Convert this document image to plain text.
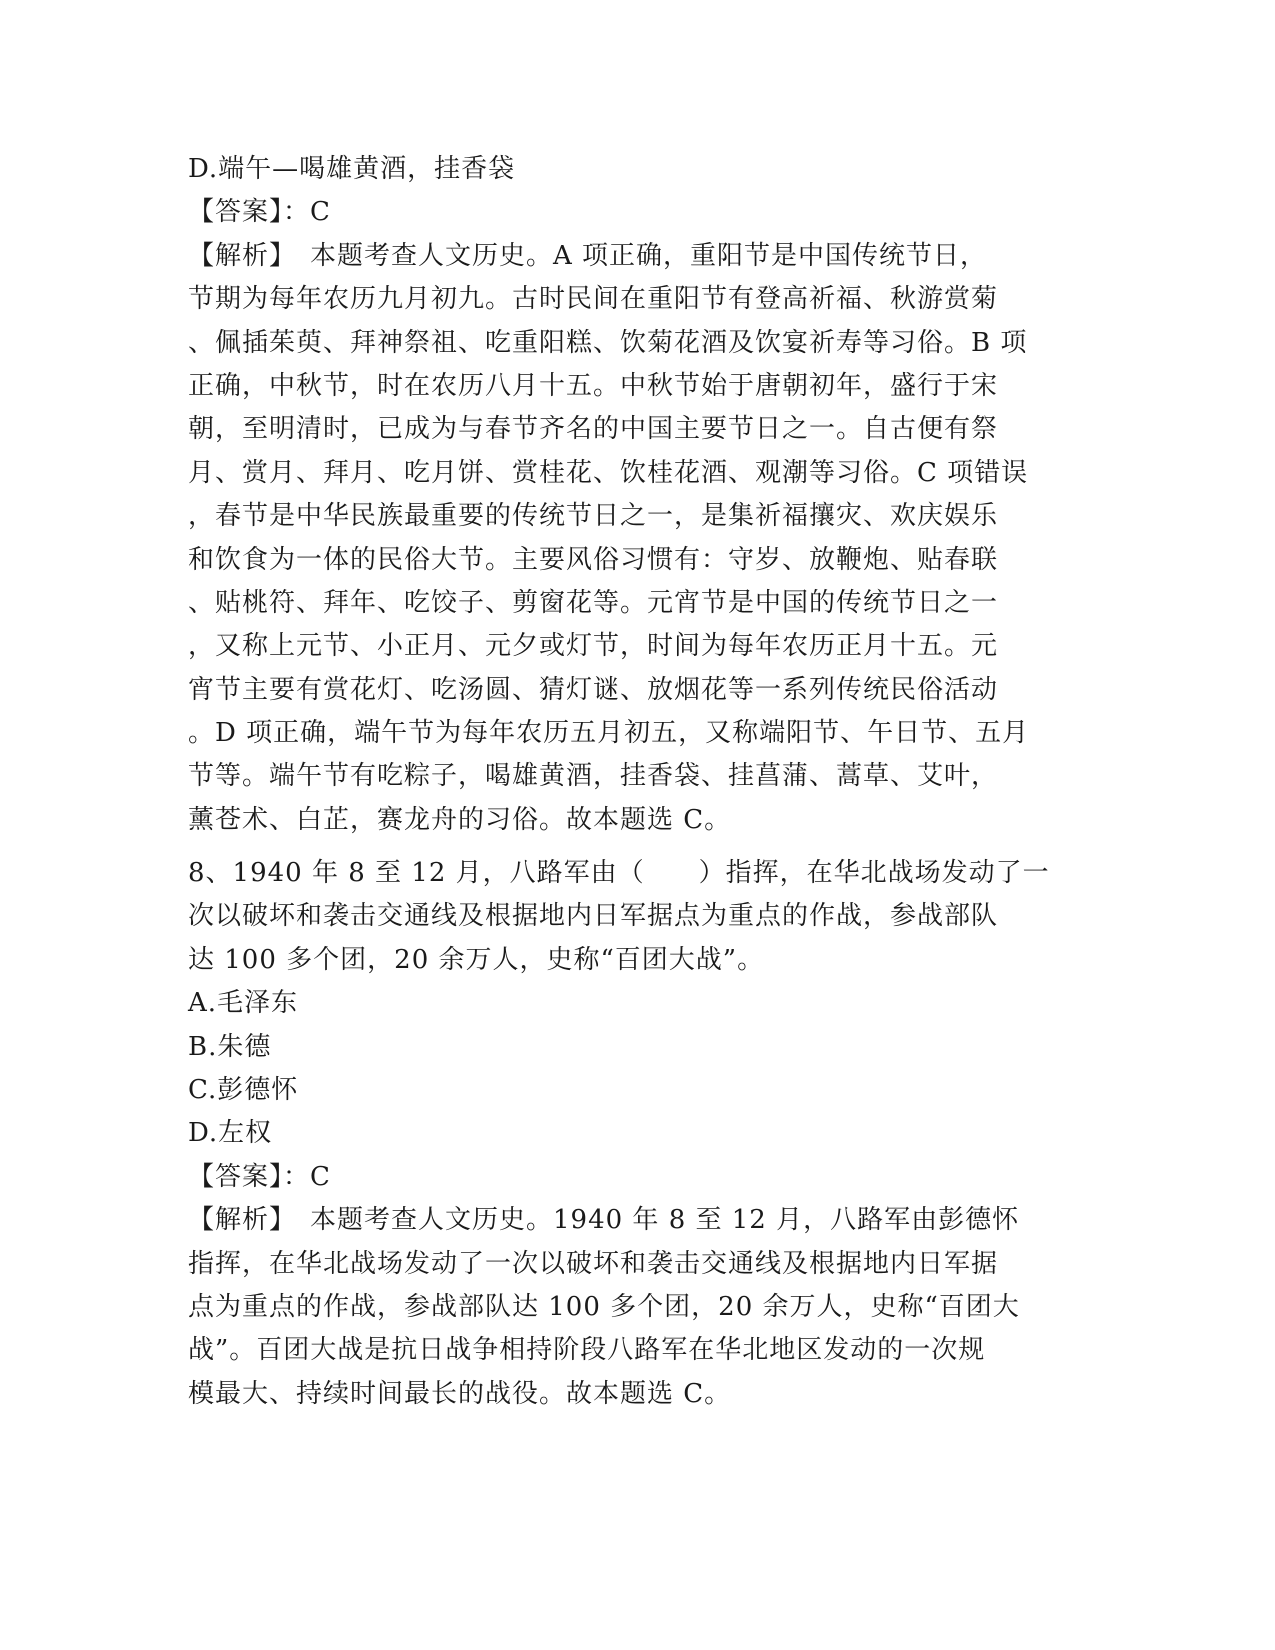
D.端午—喝雄黄酒，挂香袋
【答案】：C
【解析】　本题考查人文历史。A 项正确，重阳节是中国传统节日，
节期为每年农历九月初九。古时民间在重阳节有登高祈福、秋游赏菊
、佩插茱萸、拜神祭祖、吃重阳糕、饮菊花酒及饮宴祈寿等习俗。B 项
正确，中秋节，时在农历八月十五。中秋节始于唐朝初年，盛行于宋
朝，至明清时，已成为与春节齐名的中国主要节日之一。自古便有祭
月、赏月、拜月、吃月饼、赏桂花、饮桂花酒、观潮等习俗。C 项错误
，春节是中华民族最重要的传统节日之一，是集祈福攘灾、欢庆娱乐
和饮食为一体的民俗大节。主要风俗习惯有：守岁、放鞭炮、贴春联
、贴桃符、拜年、吃饺子、剪窗花等。元宵节是中国的传统节日之一
，又称上元节、小正月、元夕或灯节，时间为每年农历正月十五。元
宵节主要有赏花灯、吃汤圆、猜灯谜、放烟花等一系列传统民俗活动
。D 项正确，端午节为每年农历五月初五，又称端阳节、午日节、五月
节等。端午节有吃粽子，喝雄黄酒，挂香袋、挂菖蒲、蒿草、艾叶，
薰苍术、白芷，赛龙舟的习俗。故本题选 C。
8、1940 年 8 至 12 月，八路军由（　　）指挥，在华北战场发动了一
次以破坏和袭击交通线及根据地内日军据点为重点的作战，参战部队
达 100 多个团，20 余万人，史称“百团大战”。
A.毛泽东
B.朱德
C.彭德怀
D.左权
【答案】：C
【解析】　本题考查人文历史。1940 年 8 至 12 月，八路军由彭德怀
指挥，在华北战场发动了一次以破坏和袭击交通线及根据地内日军据
点为重点的作战，参战部队达 100 多个团，20 余万人，史称“百团大
战”。百团大战是抗日战争相持阶段八路军在华北地区发动的一次规
模最大、持续时间最长的战役。故本题选 C。
